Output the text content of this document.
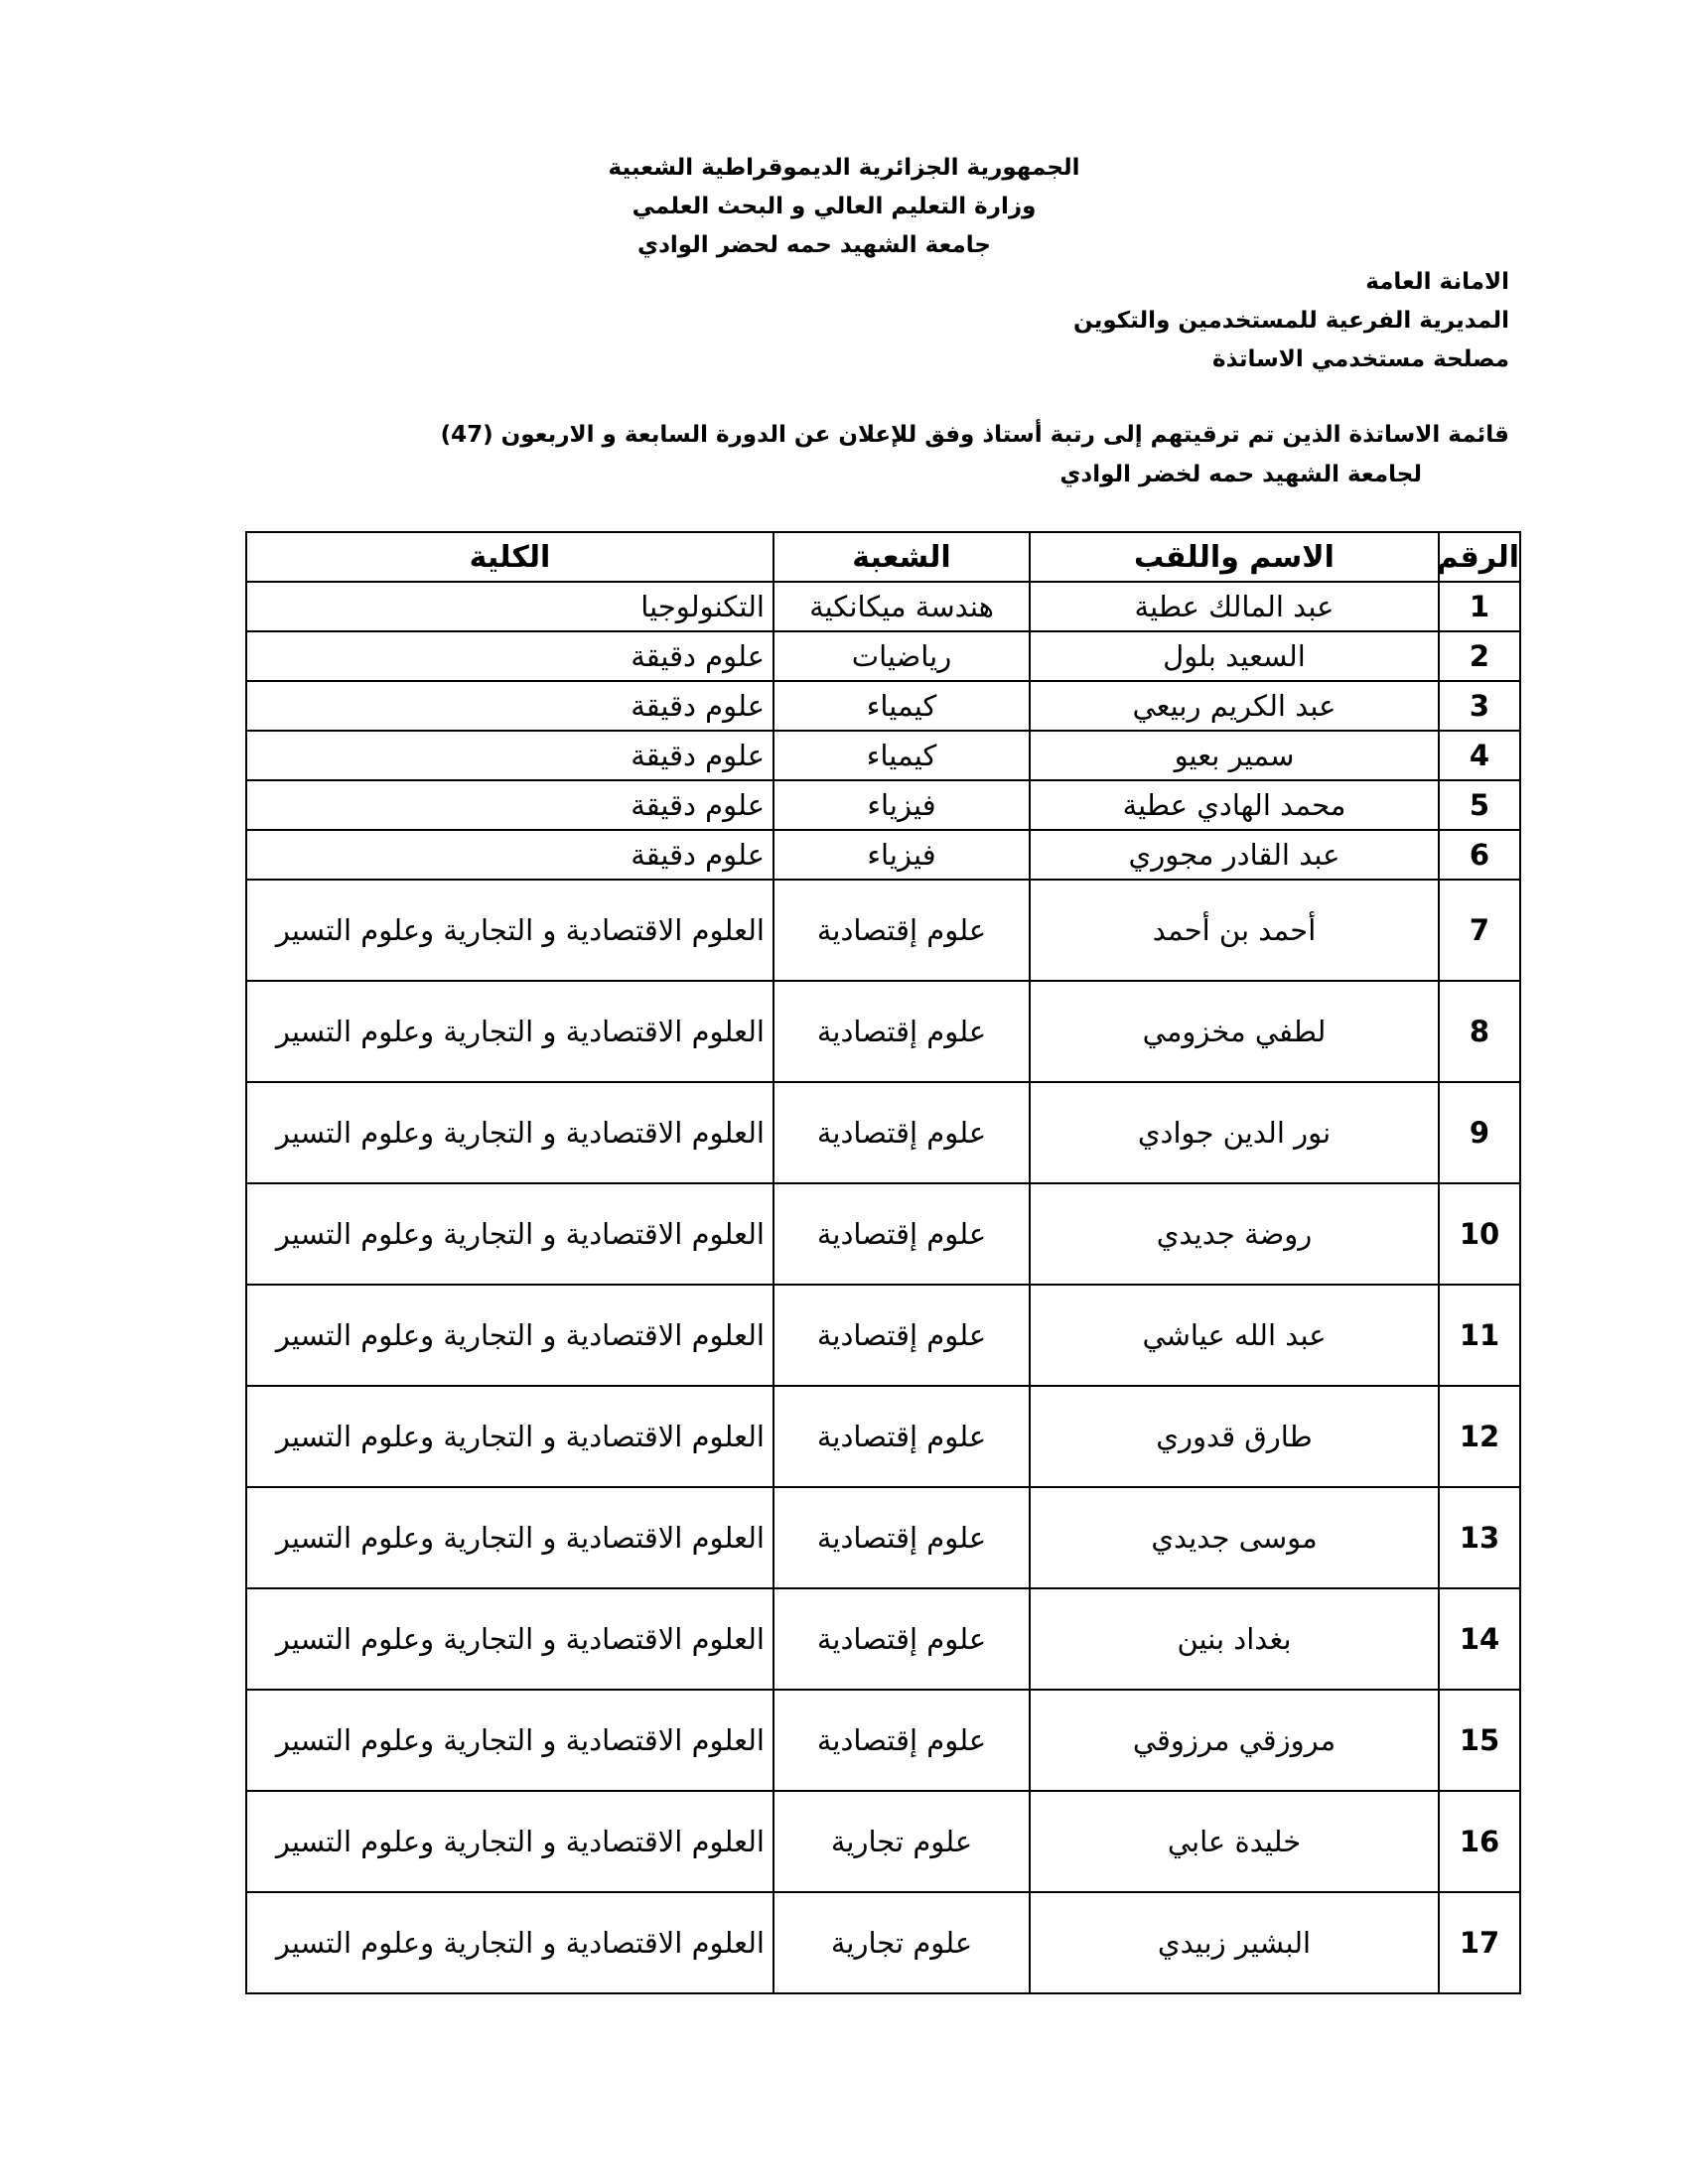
الجمهورية الجزائرية الديموقراطية الشعبية
وزارة التعليم العالي و البحث العلمي
جامعة الشهيد حمه لحضر الوادي
الامانة العامة
المديرية الفرعية للمستخدمين والتكوين
مصلحة مستخدمي الاساتذة
قائمة الاساتذة الذين تم ترقيتهم إلى رتبة أستاذ وفق للإعلان عن الدورة السابعة و الاربعون (47)
لجامعة الشهيد حمه لخضر الوادي
الرقم	الاسم واللقب	الشعبة	الكلية
1	عبد المالك عطية	هندسة ميكانكية	التكنولوجيا
2	السعيد بلول	رياضيات	علوم دقيقة
3	عبد الكريم ربيعي	كيمياء	علوم دقيقة
4	سمير بعيو	كيمياء	علوم دقيقة
5	محمد الهادي عطية	فيزياء	علوم دقيقة
6	عبد القادر مجوري	فيزياء	علوم دقيقة
7	أحمد بن أحمد	علوم إقتصادية	العلوم الاقتصادية و التجارية وعلوم التسير
8	لطفي مخزومي	علوم إقتصادية	العلوم الاقتصادية و التجارية وعلوم التسير
9	نور الدين جوادي	علوم إقتصادية	العلوم الاقتصادية و التجارية وعلوم التسير
10	روضة جديدي	علوم إقتصادية	العلوم الاقتصادية و التجارية وعلوم التسير
11	عبد الله عياشي	علوم إقتصادية	العلوم الاقتصادية و التجارية وعلوم التسير
12	طارق قدوري	علوم إقتصادية	العلوم الاقتصادية و التجارية وعلوم التسير
13	موسى جديدي	علوم إقتصادية	العلوم الاقتصادية و التجارية وعلوم التسير
14	بغداد بنين	علوم إقتصادية	العلوم الاقتصادية و التجارية وعلوم التسير
15	مروزقي مرزوقي	علوم إقتصادية	العلوم الاقتصادية و التجارية وعلوم التسير
16	خليدة عابي	علوم تجارية	العلوم الاقتصادية و التجارية وعلوم التسير
17	البشير زبيدي	علوم تجارية	العلوم الاقتصادية و التجارية وعلوم التسير
